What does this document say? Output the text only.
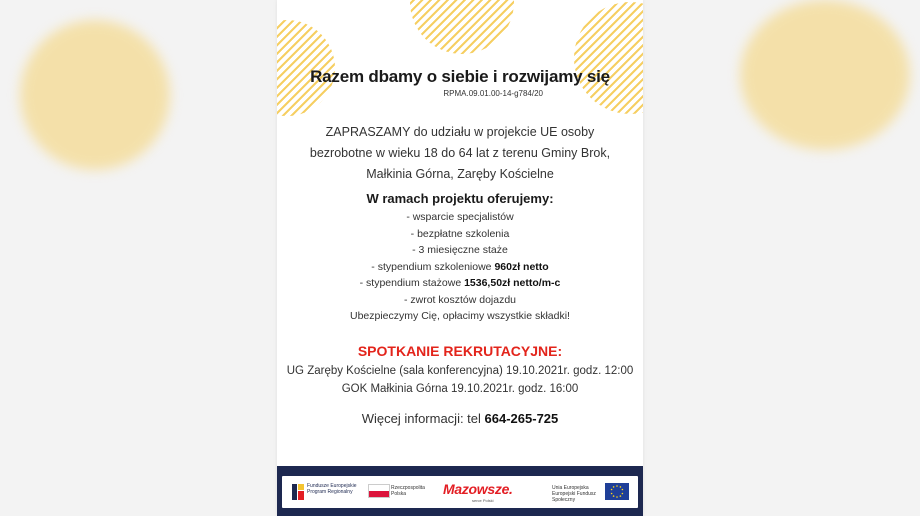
Razem dbamy o siebie i rozwijamy się
RPMA.09.01.00-14-g784/20
ZAPRASZAMY do udziału w projekcie UE osoby
bezrobotne w wieku 18 do 64 lat z terenu Gminy Brok,
Małkinia Górna, Zaręby Kościelne
W ramach projektu oferujemy:
- wsparcie specjalistów
- bezpłatne szkolenia
- 3 miesięczne staże
- stypendium szkoleniowe 960zł netto
- stypendium stażowe 1536,50zł netto/m-c
- zwrot kosztów dojazdu
Ubezpieczymy Cię, opłacimy wszystkie składki!
SPOTKANIE REKRUTACYJNE:
UG Zaręby Kościelne (sala konferencyjna) 19.10.2021r. godz. 12:00
GOK Małkinia Górna 19.10.2021r. godz. 16:00
Więcej informacji: tel 664-265-725
Fundusze Europejskie Program Regionalny
Rzeczpospolita Polska	Mazowsze.
serce Polski
Unia Europejska Europejski Fundusz Społeczny
